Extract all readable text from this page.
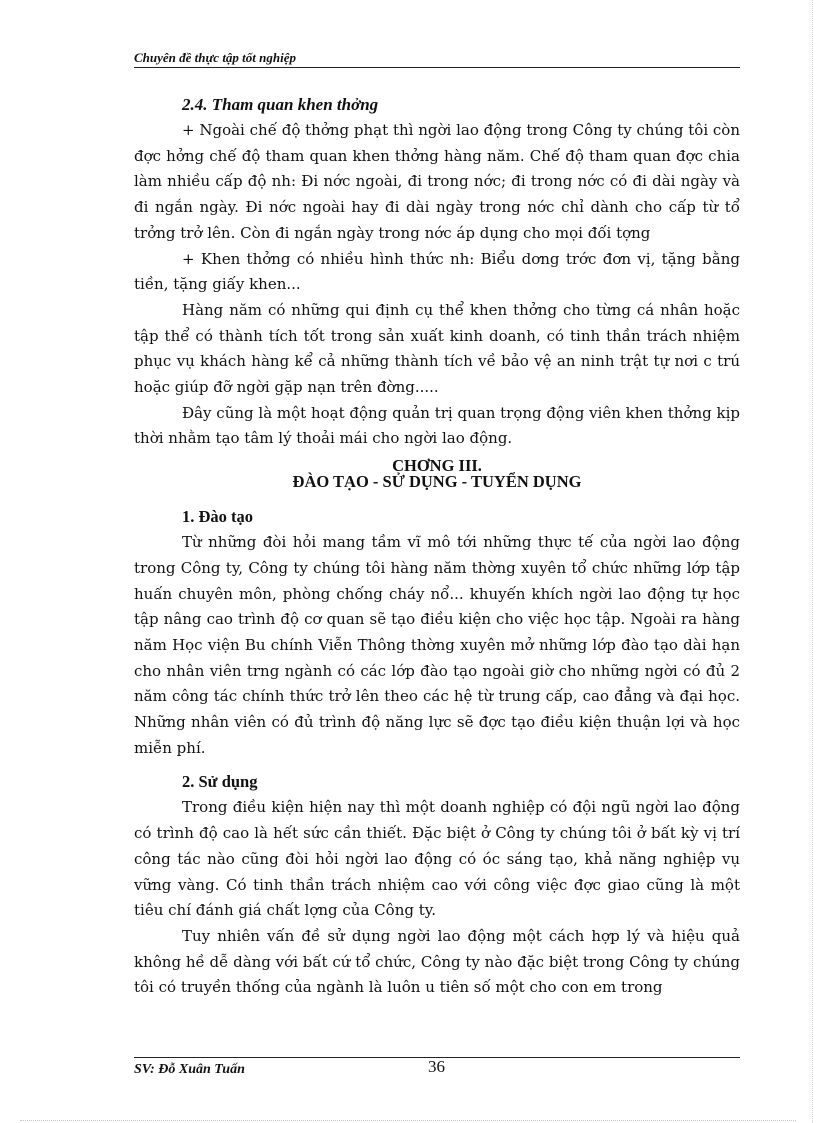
Chuyên đề thực tập tốt nghiệp
2.4. Tham quan khen thởng

+ Ngoài chế độ thởng phạt thì ngời lao động trong Công ty chúng tôi còn đợc hởng chế độ tham quan khen thởng hàng năm. Chế độ tham quan đợc chia làm nhiều cấp độ nh: Đi nớc ngoài, đi trong nớc; đi trong nớc có đi dài ngày và đi ngắn ngày. Đi nớc ngoài hay đi dài ngày trong nớc chỉ dành cho cấp từ tổ trởng trở lên. Còn đi ngắn ngày trong nớc áp dụng cho mọi đối tợng

+ Khen thởng có nhiều hình thức nh: Biểu dơng trớc đơn vị, tặng bằng tiền, tặng giấy khen...

Hàng năm có những qui định cụ thể khen thởng cho từng cá nhân hoặc tập thể có thành tích tốt trong sản xuất kinh doanh, có tinh thần trách nhiệm phục vụ khách hàng kể cả những thành tích về bảo vệ an ninh trật tự nơi c trú hoặc giúp đỡ ngời gặp nạn trên đờng.....

Đây cũng là một hoạt động quản trị quan trọng động viên khen thởng kịp thời nhằm tạo tâm lý thoải mái cho ngời lao động.

CHƠNG III.
ĐÀO TẠO - SỬ DỤNG - TUYỂN DỤNG
1. Đào tạo

Từ những đòi hỏi mang tầm vĩ mô tới những thực tế của ngời lao động trong Công ty, Công ty chúng tôi hàng năm thờng xuyên tổ chức những lớp tập huấn chuyên môn, phòng chống cháy nổ... khuyến khích ngời lao động tự học tập nâng cao trình độ cơ quan sẽ tạo điều kiện cho việc học tập. Ngoài ra hàng năm Học viện Bu chính Viễn Thông thờng xuyên mở những lớp đào tạo dài hạn cho nhân viên trng ngành có các lớp đào tạo ngoài giờ cho những ngời có đủ 2 năm công tác chính thức trở lên theo các hệ từ trung cấp, cao đẳng và đại học. Những nhân viên có đủ trình độ năng lực sẽ đợc tạo điều kiện thuận lợi và học miễn phí.

2. Sử dụng

Trong điều kiện hiện nay thì một doanh nghiệp có đội ngũ ngời lao động có trình độ cao là hết sức cần thiết. Đặc biệt ở Công ty chúng tôi ở bất kỳ vị trí công tác nào cũng đòi hỏi ngời lao động có óc sáng tạo, khả năng nghiệp vụ vững vàng. Có tinh thần trách nhiệm cao với công việc đợc giao cũng là một tiêu chí đánh giá chất lợng của Công ty.

Tuy nhiên vấn đề sử dụng ngời lao động một cách hợp lý và hiệu quả không hề dễ dàng với bất cứ tổ chức, Công ty nào đặc biệt trong Công ty chúng tôi có truyền thống của ngành là luôn u tiên số một cho con em trong

SV: Đỗ Xuân Tuấn	36
